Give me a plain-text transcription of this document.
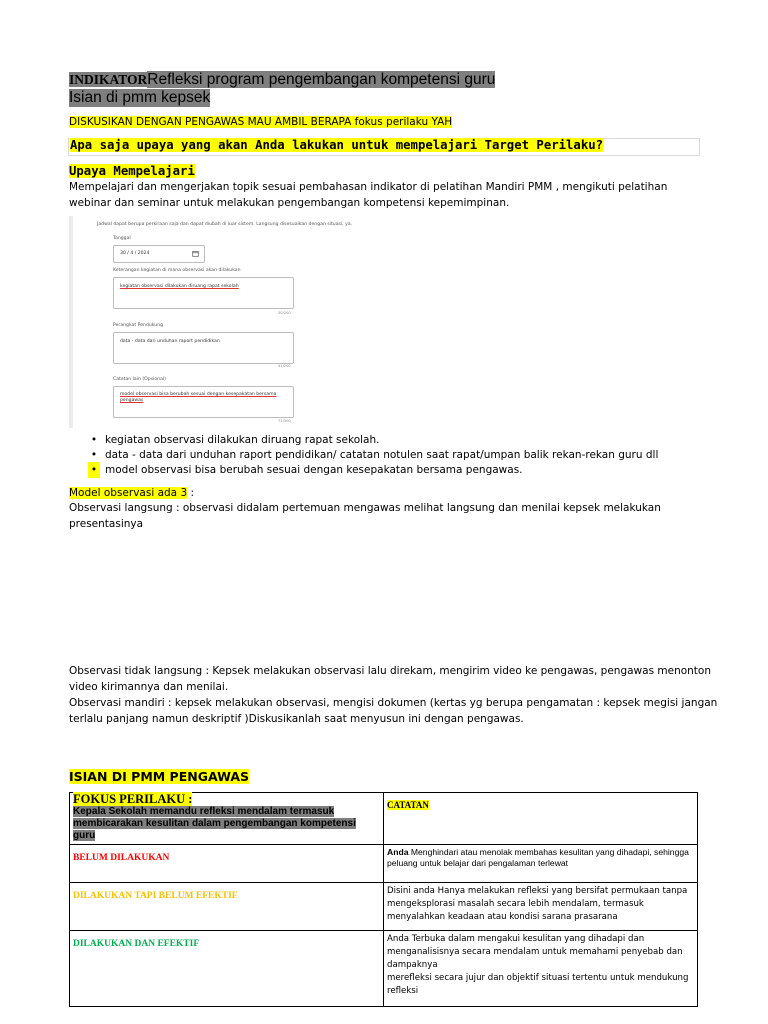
INDIKATORRefleksi program pengembangan kompetensi guru
Isian di pmm kepsek
DISKUSIKAN DENGAN PENGAWAS MAU AMBIL BERAPA fokus perilaku YAH
Apa saja upaya yang akan Anda lakukan untuk mempelajari Target Perilaku?
Upaya Mempelajari
Mempelajari dan mengerjakan topik sesuai pembahasan indikator di pelatihan Mandiri PMM , mengikuti pelatihan webinar dan seminar untuk melakukan pengembangan kompetensi kepemimpinan.
Jadwal dapat berupa perkiraan saja dan dapat diubah di luar sistem. Langsung disesuaikan dengan situasi, ya.
Tanggal
30 / 4 / 2024
Keterangan kegiatan di mana observasi akan dilakukan
kegiatan observasi dilakukan diruang rapat sekolah
50/200
Perangkat Pendukung
data - data dari unduhan raport pendidikan
41/200
Catatan lain (Opsional)
model observasi bisa berubah sesuai dengan kesepakatan bersama pengawas
72/300
• kegiatan observasi dilakukan diruang rapat sekolah.
• data - data dari unduhan raport pendidikan/ catatan notulen saat rapat/umpan balik rekan-rekan guru dll
• model observasi bisa berubah sesuai dengan kesepakatan bersama pengawas.
Model observasi ada 3 :
Observasi langsung : observasi didalam pertemuan mengawas melihat langsung dan menilai kepsek melakukan presentasinya
Observasi tidak langsung : Kepsek melakukan observasi lalu direkam, mengirim video ke pengawas, pengawas menonton video kirimannya dan menilai.
Observasi mandiri : kepsek melakukan observasi, mengisi dokumen (kertas yg berupa pengamatan : kepsek megisi jangan terlalu panjang namun deskriptif )Diskusikanlah saat menyusun ini dengan pengawas.
ISIAN DI PMM PENGAWAS
FOKUS PERILAKU :
Kepala Sekolah memandu refleksi mendalam termasuk membicarakan kesulitan dalam pengembangan kompetensi guru	CATATAN
BELUM DILAKUKAN	Anda Menghindari atau menolak membahas kesulitan yang dihadapi, sehingga peluang untuk belajar dari pengalaman terlewat
DILAKUKAN TAPI BELUM EFEKTIF	Disini anda Hanya melakukan refleksi yang bersifat permukaan tanpa mengeksplorasi masalah secara lebih mendalam, termasuk menyalahkan keadaan atau kondisi sarana prasarana
DILAKUKAN DAN EFEKTIF	Anda Terbuka dalam mengakui kesulitan yang dihadapi dan menganalisisnya secara mendalam untuk memahami penyebab dan dampaknya
merefleksi secara jujur dan objektif situasi tertentu untuk mendukung refleksi
